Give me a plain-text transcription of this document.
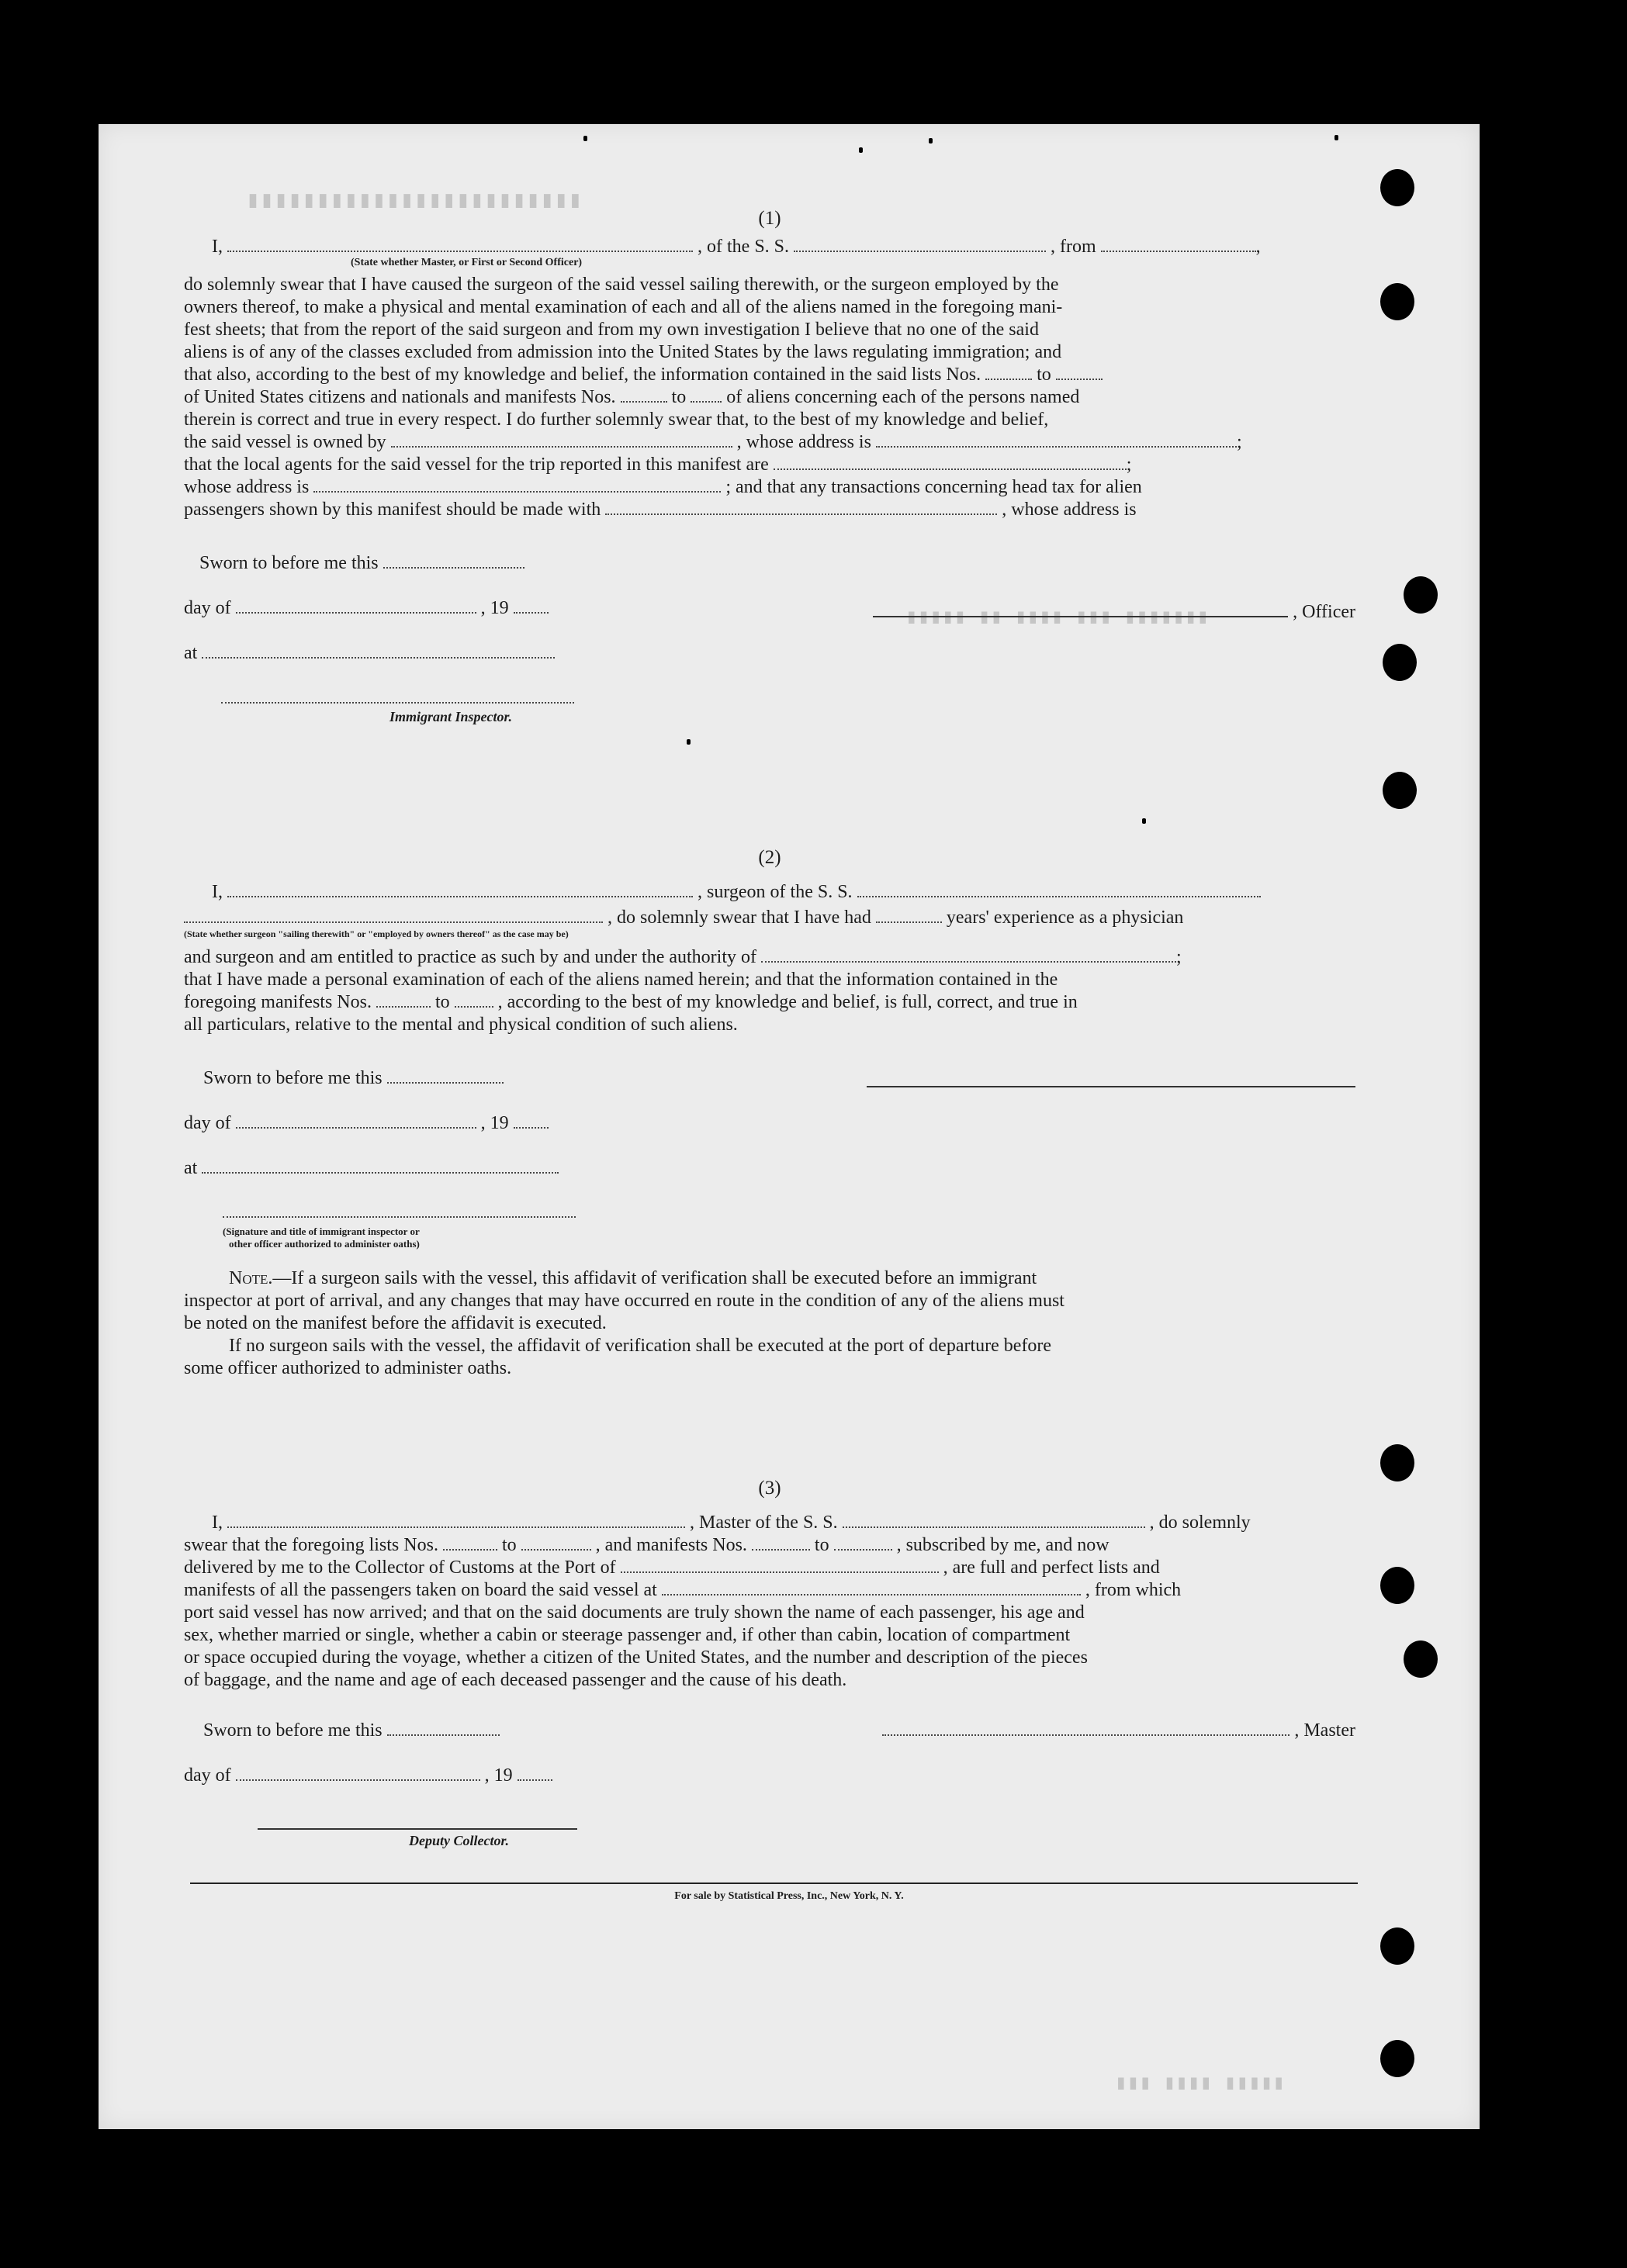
▮▮▮▮▮▮▮▮▮▮▮▮▮▮▮▮▮▮▮▮▮▮▮▮
▮▮▮▮▮▮▮ ▮▮▮ ▮▮▮▮ ▮▮ ▮▮▮▮▮
▮▮▮▮▮ ▮▮▮▮ ▮▮▮

(1)

I,	, of the S. S.	, from	,

(State whether Master, or First or Second Officer)

do solemnly swear that I have caused the surgeon of the said vessel sailing therewith, or the surgeon employed by the

owners thereof, to make a physical and mental examination of each and all of the aliens named in the foregoing mani-

fest sheets; that from the report of the said surgeon and from my own investigation I believe that no one of the said

aliens is of any of the classes excluded from admission into the United States by the laws regulating immigration; and

that also, according to the best of my knowledge and belief, the information contained in the said lists Nos.	to

of United States citizens and nationals and manifests Nos.	to of aliens concerning each of the persons named

therein is correct and true in every respect. I do further solemnly swear that, to the best of my knowledge and belief,

the said vessel is owned by	, whose address is	;

that the local agents for the said vessel for the trip reported in this manifest are	;

whose address is	; and that any transactions concerning head tax for alien

passengers shown by this manifest should be made with	, whose address is

Sworn to before me this

day of	, 19

at

Immigrant Inspector.

, Officer

(2)

I,	, surgeon of the S. S.

, do solemnly swear that I have had	years' experience as a physician

(State whether surgeon "sailing therewith" or "employed by owners thereof" as the case may be)

and surgeon and am entitled to practice as such by and under the authority of	;

that I have made a personal examination of each of the aliens named herein; and that the information contained in the

foregoing manifests Nos.	to	, according to the best of my knowledge and belief, is full, correct, and true in

all particulars, relative to the mental and physical condition of such aliens.

Sworn to before me this

day of	, 19

at

(Signature and title of immigrant inspector or

other officer authorized to administer oaths)

Note.—If a surgeon sails with the vessel, this affidavit of verification shall be executed before an immigrant

inspector at port of arrival, and any changes that may have occurred en route in the condition of any of the aliens must

be noted on the manifest before the affidavit is executed.

If no surgeon sails with the vessel, the affidavit of verification shall be executed at the port of departure before

some officer authorized to administer oaths.

(3)

I,	, Master of the S. S.	, do solemnly

swear that the foregoing lists Nos.	to	, and manifests Nos.	to	, subscribed by me, and now

delivered by me to the Collector of Customs at the Port of	, are full and perfect lists and

manifests of all the passengers taken on board the said vessel at	, from which

port said vessel has now arrived; and that on the said documents are truly shown the name of each passenger, his age and

sex, whether married or single, whether a cabin or steerage passenger and, if other than cabin, location of compartment

or space occupied during the voyage, whether a citizen of the United States, and the number and description of the pieces

of baggage, and the name and age of each deceased passenger and the cause of his death.

Sworn to before me this	, Master

day of	, 19

Deputy Collector.
For sale by Statistical Press, Inc., New York, N. Y.
